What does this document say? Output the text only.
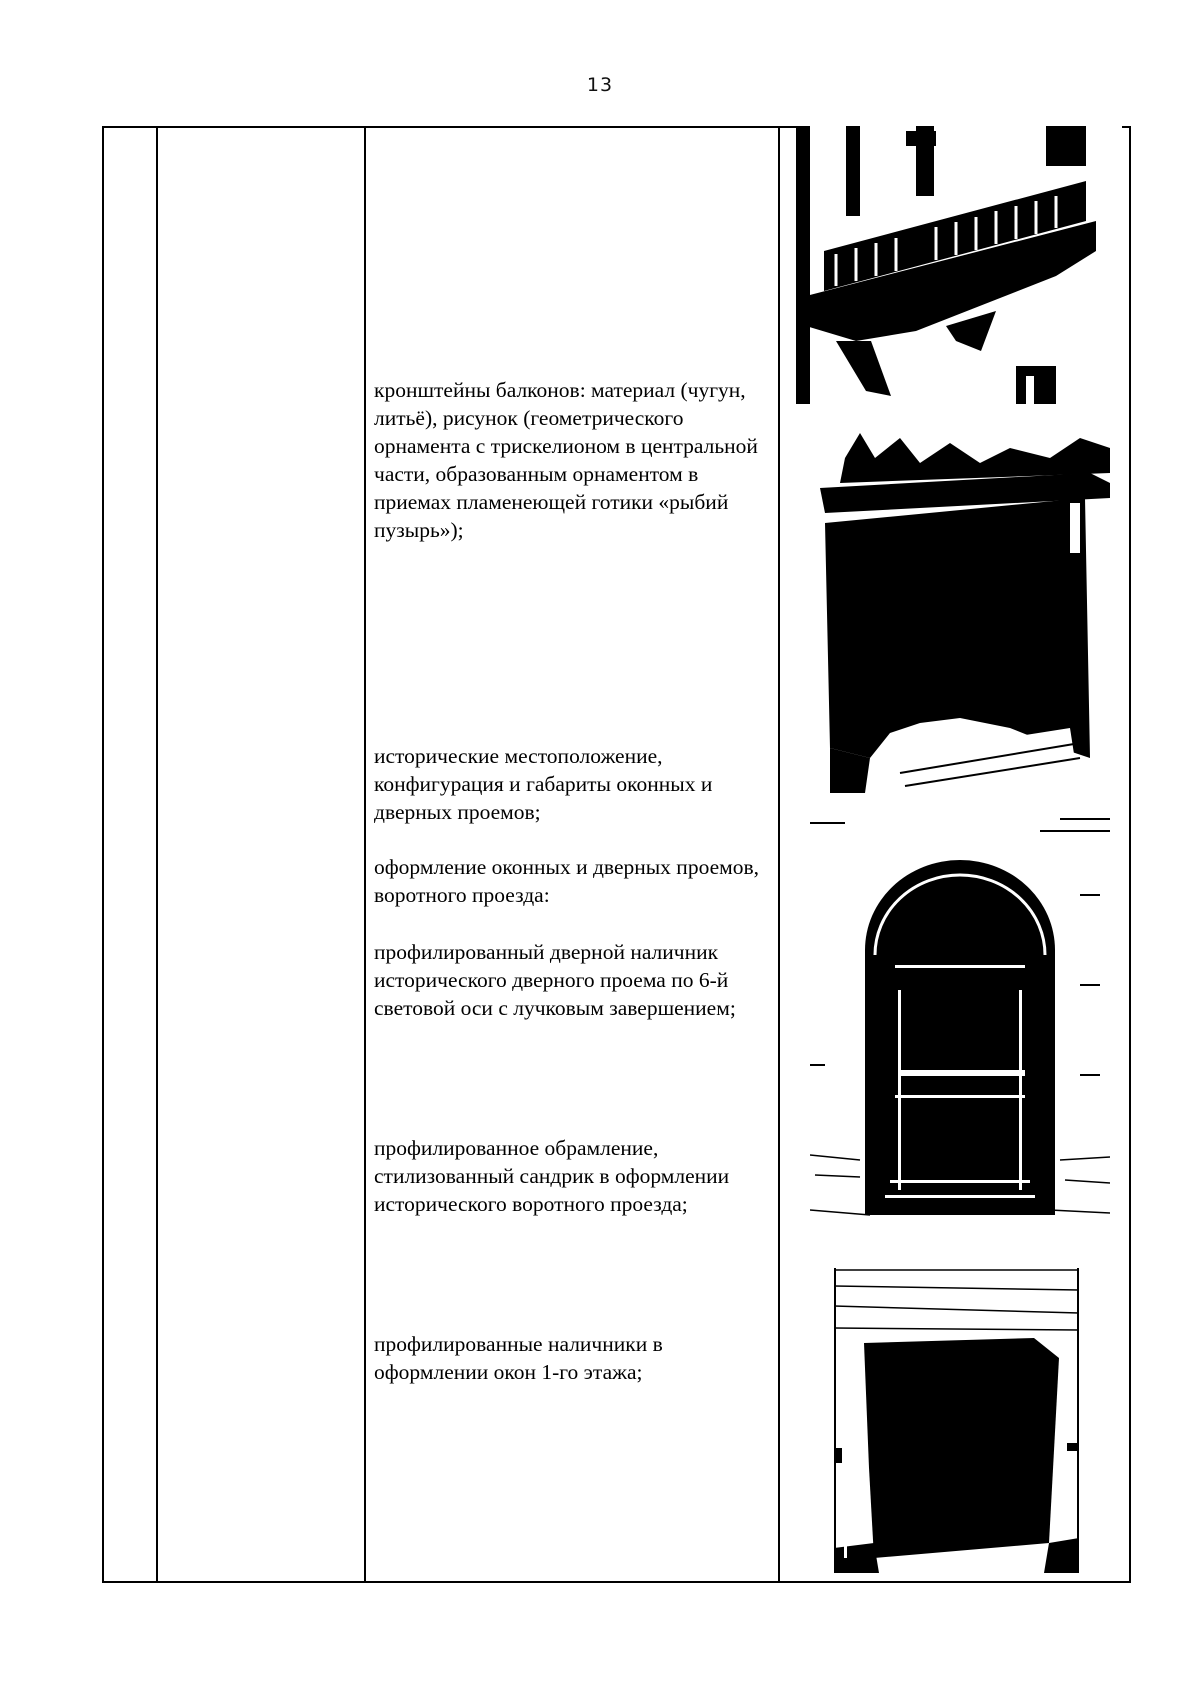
13
кронштейны балконов: материал (чугун, литьё), рисунок (геометрического орнамента с трискелионом в центральной части, образованным орнаментом в приемах пламенеющей готики «рыбий пузырь»);
исторические местоположение, конфигурация и габариты оконных и дверных проемов;
оформление оконных и дверных проемов, воротного проезда:
профилированный дверной наличник исторического дверного проема по 6-й световой оси с лучковым завершением;
профилированное обрамление, стилизованный сандрик в оформлении исторического воротного проезда;
профилированные наличники в оформлении окон 1-го этажа;
